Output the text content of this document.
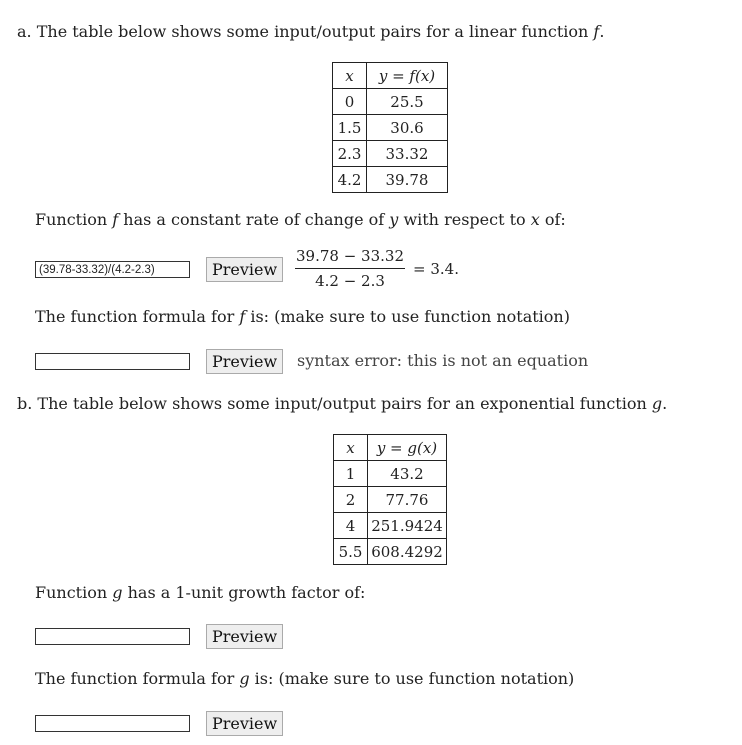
a. The table below shows some input/output pairs for a linear function f.
x	y = f(x)
0	25.5
1.5	30.6
2.3	33.32
4.2	39.78
Function f has a constant rate of change of y with respect to x of:
(39.78-33.32)/(4.2-2.3)	Preview
39.78 − 33.32
4.2 − 2.3
= 3.4.
The function formula for f is: (make sure to use function notation)
Preview	syntax error: this is not an equation
b. The table below shows some input/output pairs for an exponential function g.
x	y = g(x)
1	43.2
2	77.76
4	251.9424
5.5	608.4292
Function g has a 1-unit growth factor of:
Preview
The function formula for g is: (make sure to use function notation)
Preview
